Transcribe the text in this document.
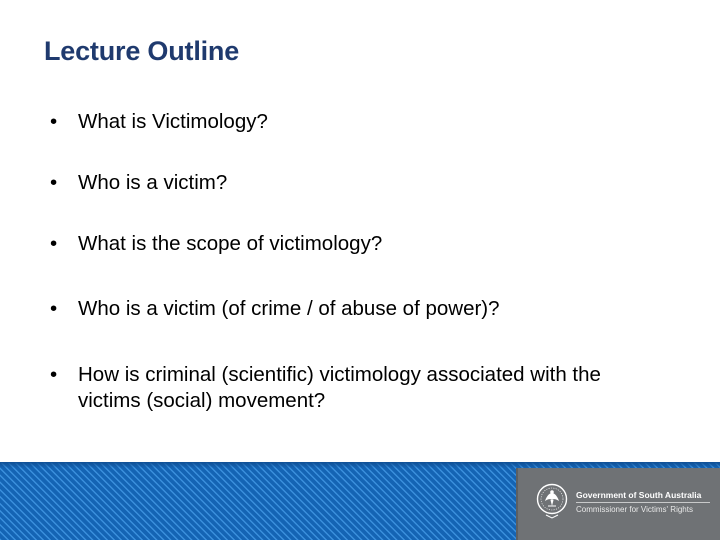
Lecture Outline
•	What is Victimology?
•	Who is a victim?
•	What is the scope of victimology?
•	Who is a victim (of crime / of abuse of power)?
•	How is criminal (scientific) victimology associated with the victims (social) movement?
Government of South Australia
Commissioner for Victims' Rights
